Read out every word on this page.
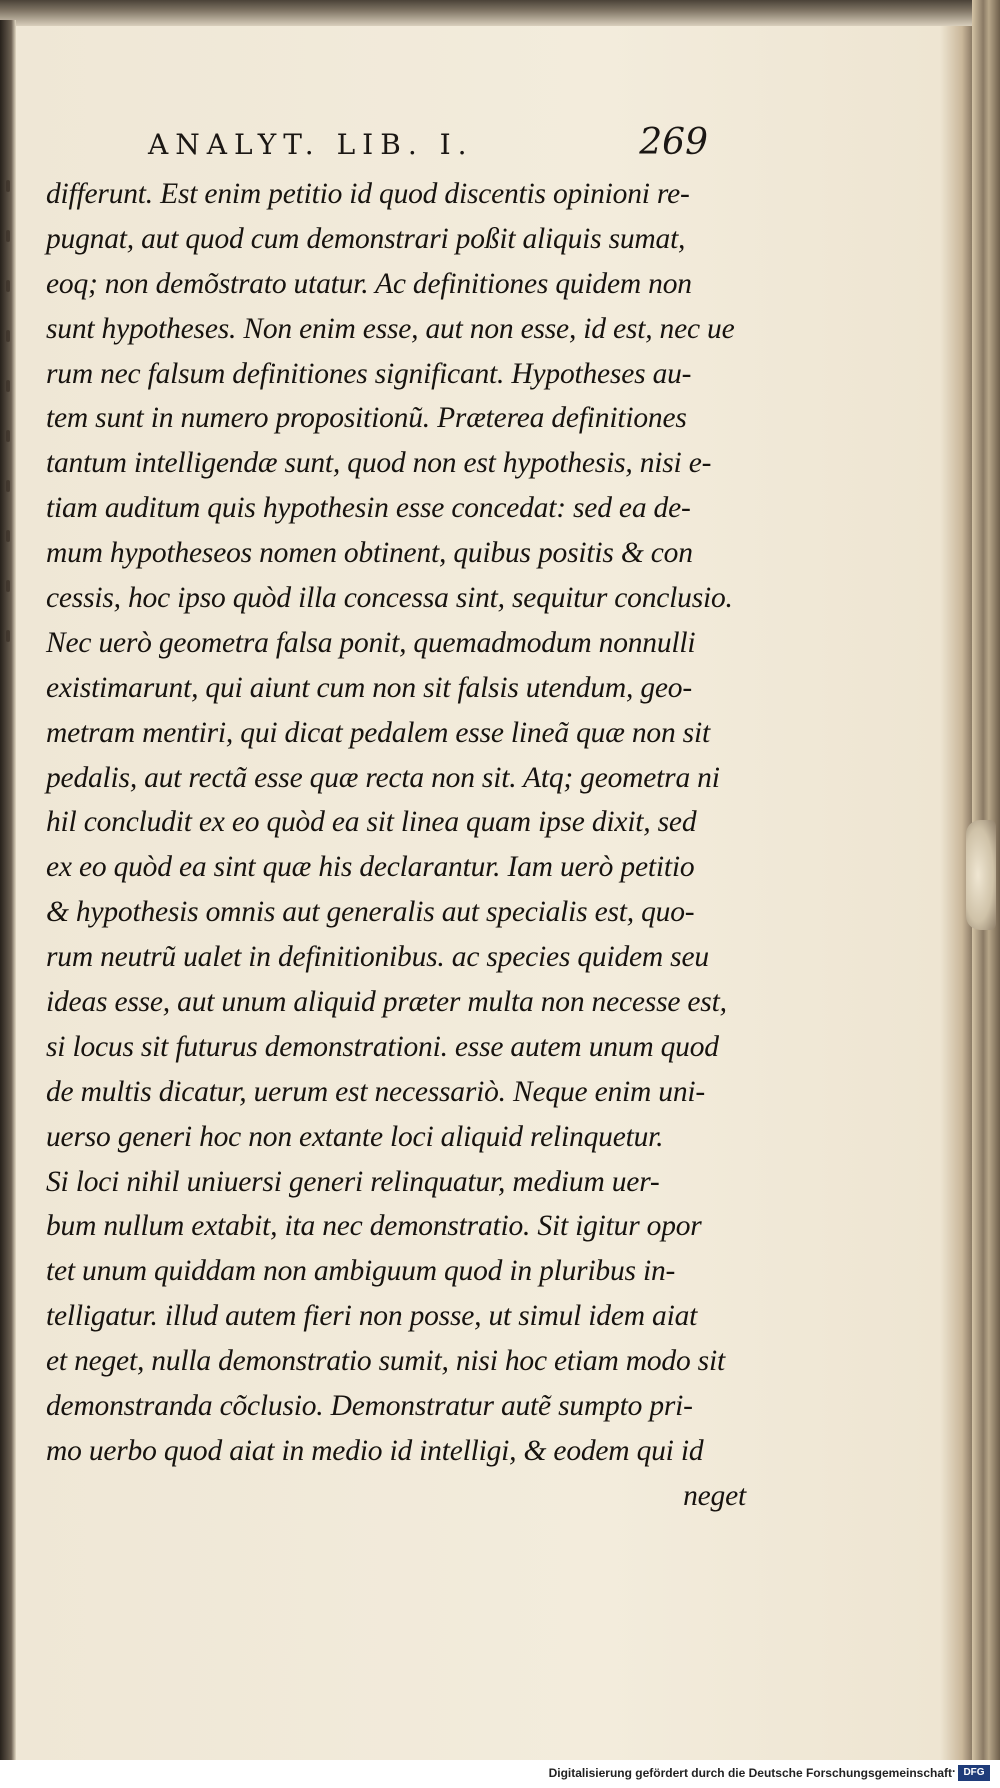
ANALYT. LIB. I.	269
differunt. Est enim petitio id quod discentis opinioni re-
pugnat, aut quod cum demonstrari poßit aliquis sumat,
eoq; non demõstrato utatur. Ac definitiones quidem non
sunt hypotheses. Non enim esse, aut non esse, id est, nec ue
rum nec falsum definitiones significant. Hypotheses au-
tem sunt in numero propositionũ. Præterea definitiones
tantum intelligendæ sunt, quod non est hypothesis, nisi e-
tiam auditum quis hypothesin esse concedat: sed ea de-
mum hypotheseos nomen obtinent, quibus positis & con
cessis, hoc ipso quòd illa concessa sint, sequitur conclusio.
Nec uerò geometra falsa ponit, quemadmodum nonnulli
existimarunt, qui aiunt cum non sit falsis utendum, geo-
metram mentiri, qui dicat pedalem esse lineã quæ non sit
pedalis, aut rectã esse quæ recta non sit. Atq; geometra ni
hil concludit ex eo quòd ea sit linea quam ipse dixit, sed
ex eo quòd ea sint quæ his declarantur. Iam uerò petitio
& hypothesis omnis aut generalis aut specialis est, quo-
rum neutrũ ualet in definitionibus. ac species quidem seu
ideas esse, aut unum aliquid præter multa non necesse est,
si locus sit futurus demonstrationi. esse autem unum quod
de multis dicatur, uerum est necessariò. Neque enim uni-
uerso generi hoc non extante loci aliquid relinquetur.
Si loci nihil uniuersi generi relinquatur, medium uer-
bum nullum extabit, ita nec demonstratio. Sit igitur opor
tet unum quiddam non ambiguum quod in pluribus in-
telligatur. illud autem fieri non posse, ut simul idem aiat
et neget, nulla demonstratio sumit, nisi hoc etiam modo sit
demonstranda cõclusio. Demonstratur autẽ sumpto pri-
mo uerbo quod aiat in medio id intelligi, & eodem qui id
neget
Digitalisierung gefördert durch die Deutsche Forschungsgemeinschaft · DFG
